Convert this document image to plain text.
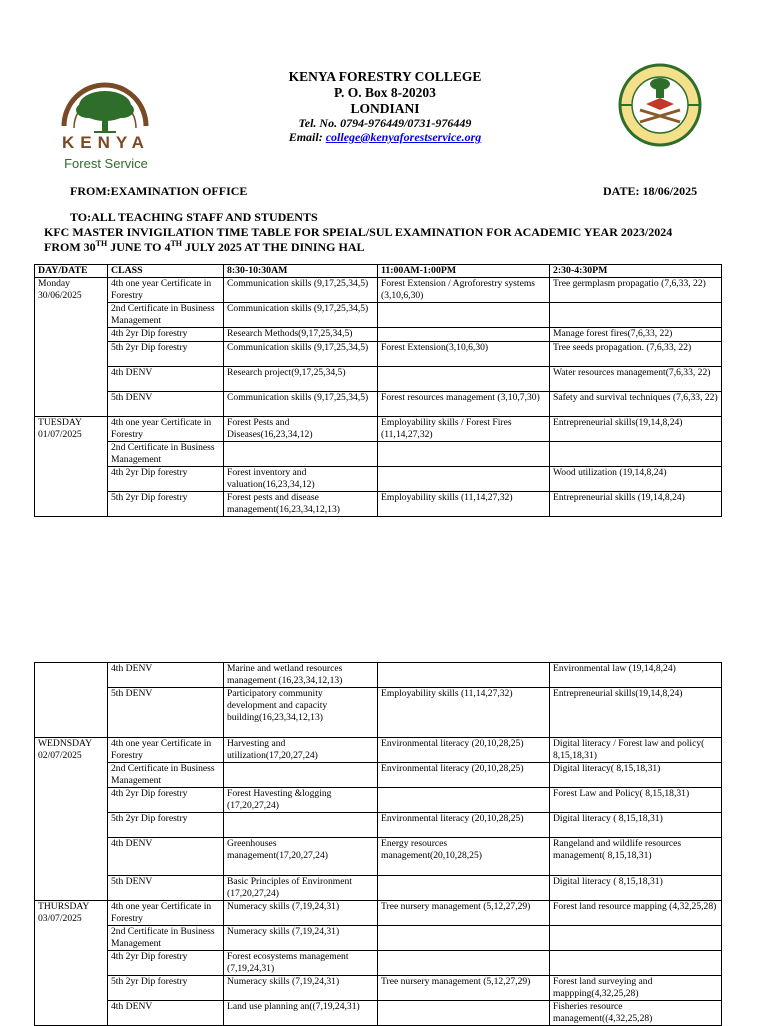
KENYA
Forest Service
KENYA FORESTRY COLLEGE
P. O. Box 8-20203
LONDIANI
Tel. No. 0794-976449/0731-976449
Email: college@kenyaforestservice.org
FROM:EXAMINATION OFFICE	DATE: 18/06/2025
TO:ALL TEACHING STAFF AND STUDENTS
KFC MASTER INVIGILATION TIME TABLE FOR SPEIAL/SUL EXAMINATION FOR ACADEMIC YEAR 2023/2024
FROM 30TH JUNE TO 4TH JULY 2025 AT THE DINING HAL
DAY/DATE	CLASS	8:30-10:30AM	11:00AM-1:00PM	2:30-4:30PM

Monday
30/06/2025	4th one year Certificate in Forestry	Communication skills (9,17,25,34,5)	Forest Extension / Agroforestry systems (3,10,6,30)	Tree germplasm propagatio (7,6,33, 22)
	2nd Certificate in Business Management	Communication skills (9,17,25,34,5)		
	4th 2yr Dip forestry	Research Methods(9,17,25,34,5)		Manage forest fires(7,6,33, 22)
	5th 2yr Dip forestry	Communication skills (9,17,25,34,5)	Forest Extension(3,10,6,30)	Tree seeds propagation. (7,6,33, 22)
	4th DENV	Research project(9,17,25,34,5)		Water resources management(7,6,33, 22)
	5th DENV	Communication skills (9,17,25,34,5)	Forest resources management (3,10,7,30)	Safety and survival techniques (7,6,33, 22)

TUESDAY
01/07/2025	4th one year Certificate in Forestry	Forest Pests and Diseases(16,23,34,12)	Employability skills / Forest Fires (11,14,27,32)	Entrepreneurial skills(19,14,8,24)
	2nd Certificate in Business Management			
	4th 2yr Dip forestry	Forest inventory and valuation(16,23,34,12)		Wood utilization (19,14,8,24)
	5th 2yr Dip forestry	Forest pests and disease management(16,23,34,12,13)	Employability skills (11,14,27,32)	Entrepreneurial skills (19,14,8,24)
	4th DENV	Marine and wetland resources management (16,23,34,12,13)		Environmental law (19,14,8,24)
	5th DENV	Participatory community development and capacity building(16,23,34,12,13)	Employability skills (11,14,27,32)	Entrepreneurial skills(19,14,8,24)

WEDNSDAY
02/07/2025	4th one year Certificate in Forestry	Harvesting and utilization(17,20,27,24)	Environmental literacy (20,10,28,25)	Digital literacy / Forest law and policy( 8,15,18,31)
	2nd Certificate in Business Management		Environmental literacy (20,10,28,25)	Digital literacy( 8,15,18,31)
	4th 2yr Dip forestry	Forest Havesting &logging (17,20,27,24)		Forest Law and Policy( 8,15,18,31)
	5th 2yr Dip forestry		Environmental literacy (20,10,28,25)	Digital literacy ( 8,15,18,31)
	4th DENV	Greenhouses management(17,20,27,24)	Energy resources management(20,10,28,25)	Rangeland and wildlife resources management( 8,15,18,31)
	5th DENV	Basic Principles of Environment (17,20,27,24)		Digital literacy ( 8,15,18,31)

THURSDAY
03/07/2025	4th one year Certificate in Forestry	Numeracy skills (7,19,24,31)	Tree nursery management (5,12,27,29)	Forest land resource mapping (4,32,25,28)
	2nd Certificate in Business Management	Numeracy skills (7,19,24,31)		
	4th 2yr Dip forestry	Forest ecosystems management (7,19,24,31)		
	5th 2yr Dip forestry	Numeracy skills (7,19,24,31)	Tree nursery management (5,12,27,29)	Forest land surveying and mappping(4,32,25,28)
	4th DENV	Land use planning an((7,19,24,31)		Fisheries resource management((4,32,25,28)
